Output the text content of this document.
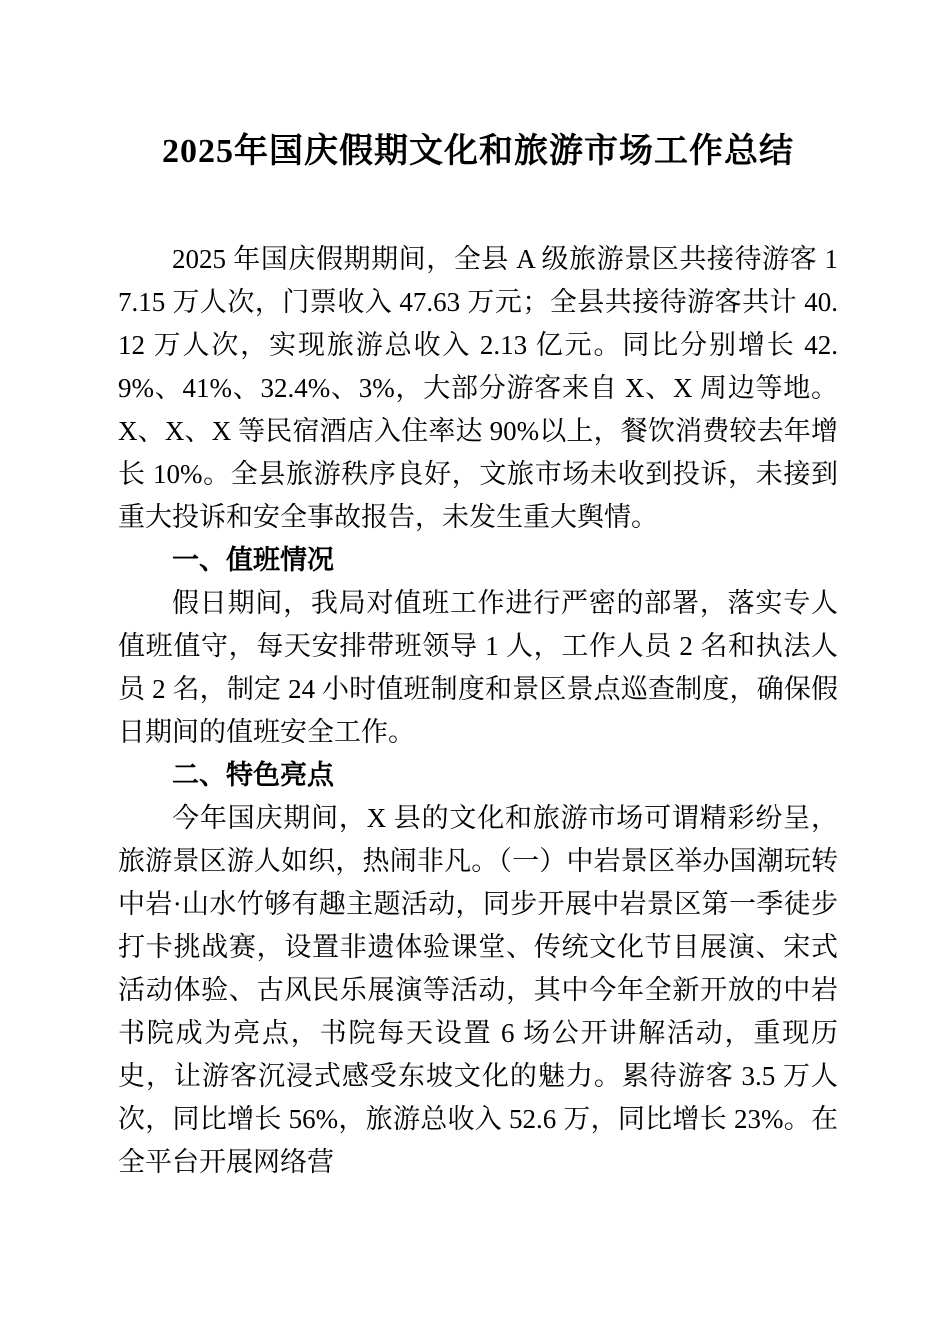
2025年国庆假期文化和旅游市场工作总结

2025 年国庆假期期间，全县 A 级旅游景区共接待游客 17.15 万人次，门票收入 47.63 万元；全县共接待游客共计 40.12 万人次，实现旅游总收入 2.13 亿元。同比分别增长 42.9%、41%、32.4%、3%，大部分游客来自 X、X 周边等地。X、X、X 等民宿酒店入住率达 90%以上，餐饮消费较去年增长 10%。全县旅游秩序良好，文旅市场未收到投诉，未接到重大投诉和安全事故报告，未发生重大舆情。

一、值班情况

假日期间，我局对值班工作进行严密的部署，落实专人值班值守，每天安排带班领导 1 人，工作人员 2 名和执法人员 2 名，制定 24 小时值班制度和景区景点巡查制度，确保假日期间的值班安全工作。

二、特色亮点

今年国庆期间，X 县的文化和旅游市场可谓精彩纷呈，旅游景区游人如织，热闹非凡。（一）中岩景区举办国潮玩转中岩·山水竹够有趣主题活动，同步开展中岩景区第一季徒步打卡挑战赛，设置非遗体验课堂、传统文化节目展演、宋式活动体验、古风民乐展演等活动，其中今年全新开放的中岩书院成为亮点，书院每天设置 6 场公开讲解活动，重现历史，让游客沉浸式感受东坡文化的魅力。累待游客 3.5 万人次，同比增长 56%，旅游总收入 52.6 万，同比增长 23%。在全平台开展网络营
